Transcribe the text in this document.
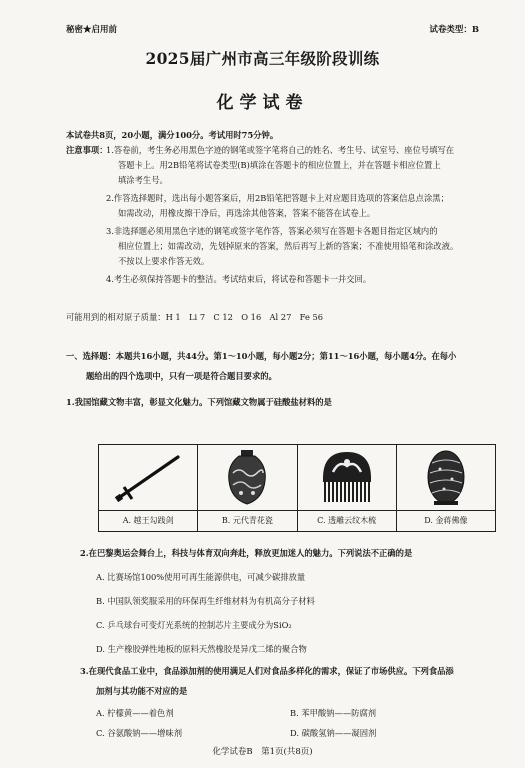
秘密★启用前	试卷类型：B
2025届广州市高三年级阶段训练
化学试卷
本试卷共8页，20小题，满分100分。考试用时75分钟。
注意事项：
1.答卷前，考生务必用黑色字迹的钢笔或签字笔将自己的姓名、考生号、试室号、座位号填写在
答题卡上。用2B铅笔将试卷类型(B)填涂在答题卡的相应位置上，并在答题卡相应位置上
填涂考生号。
2.作答选择题时，选出每小题答案后，用2B铅笔把答题卡上对应题目选项的答案信息点涂黑；
如需改动，用橡皮擦干净后，再选涂其他答案，答案不能答在试卷上。
3.非选择题必须用黑色字迹的钢笔或签字笔作答，答案必须写在答题卡各题目指定区域内的
相应位置上；如需改动，先划掉原来的答案，然后再写上新的答案；不准使用铅笔和涂改液。
不按以上要求作答无效。
4.考生必须保持答题卡的整洁。考试结束后，将试卷和答题卡一并交回。
可能用到的相对原子质量：H 1　Li 7　C 12　O 16　Al 27　Fe 56
一、选择题：本题共16小题，共44分。第1～10小题，每小题2分；第11～16小题，每小题4分。在每小
题给出的四个选项中，只有一项是符合题目要求的。
1.我国馆藏文物丰富，彰显文化魅力。下列馆藏文物属于硅酸盐材料的是
A. 越王勾践剑	B. 元代青花瓷	C. 透雕云纹木梳	D. 金蒋佛像
2.在巴黎奥运会舞台上，科技与体育双向奔赴，释放更加迷人的魅力。下列说法不正确的是
A. 比赛场馆100%使用可再生能源供电，可减少碳排放量
B. 中国队领奖服采用的环保再生纤维材料为有机高分子材料
C. 乒乓球台可变灯光系统的控制芯片主要成分为SiO₂
D. 生产橡胶弹性地板的原料天然橡胶是异戊二烯的聚合物
3.在现代食品工业中，食品添加剂的使用满足人们对食品多样化的需求，保证了市场供应。下列食品添
加剂与其功能不对应的是
A. 柠檬黄——着色剂	B. 苯甲酸钠——防腐剂
C. 谷氨酸钠——增味剂	D. 碳酸氢钠——凝固剂
化学试卷B　第1页(共8页)
